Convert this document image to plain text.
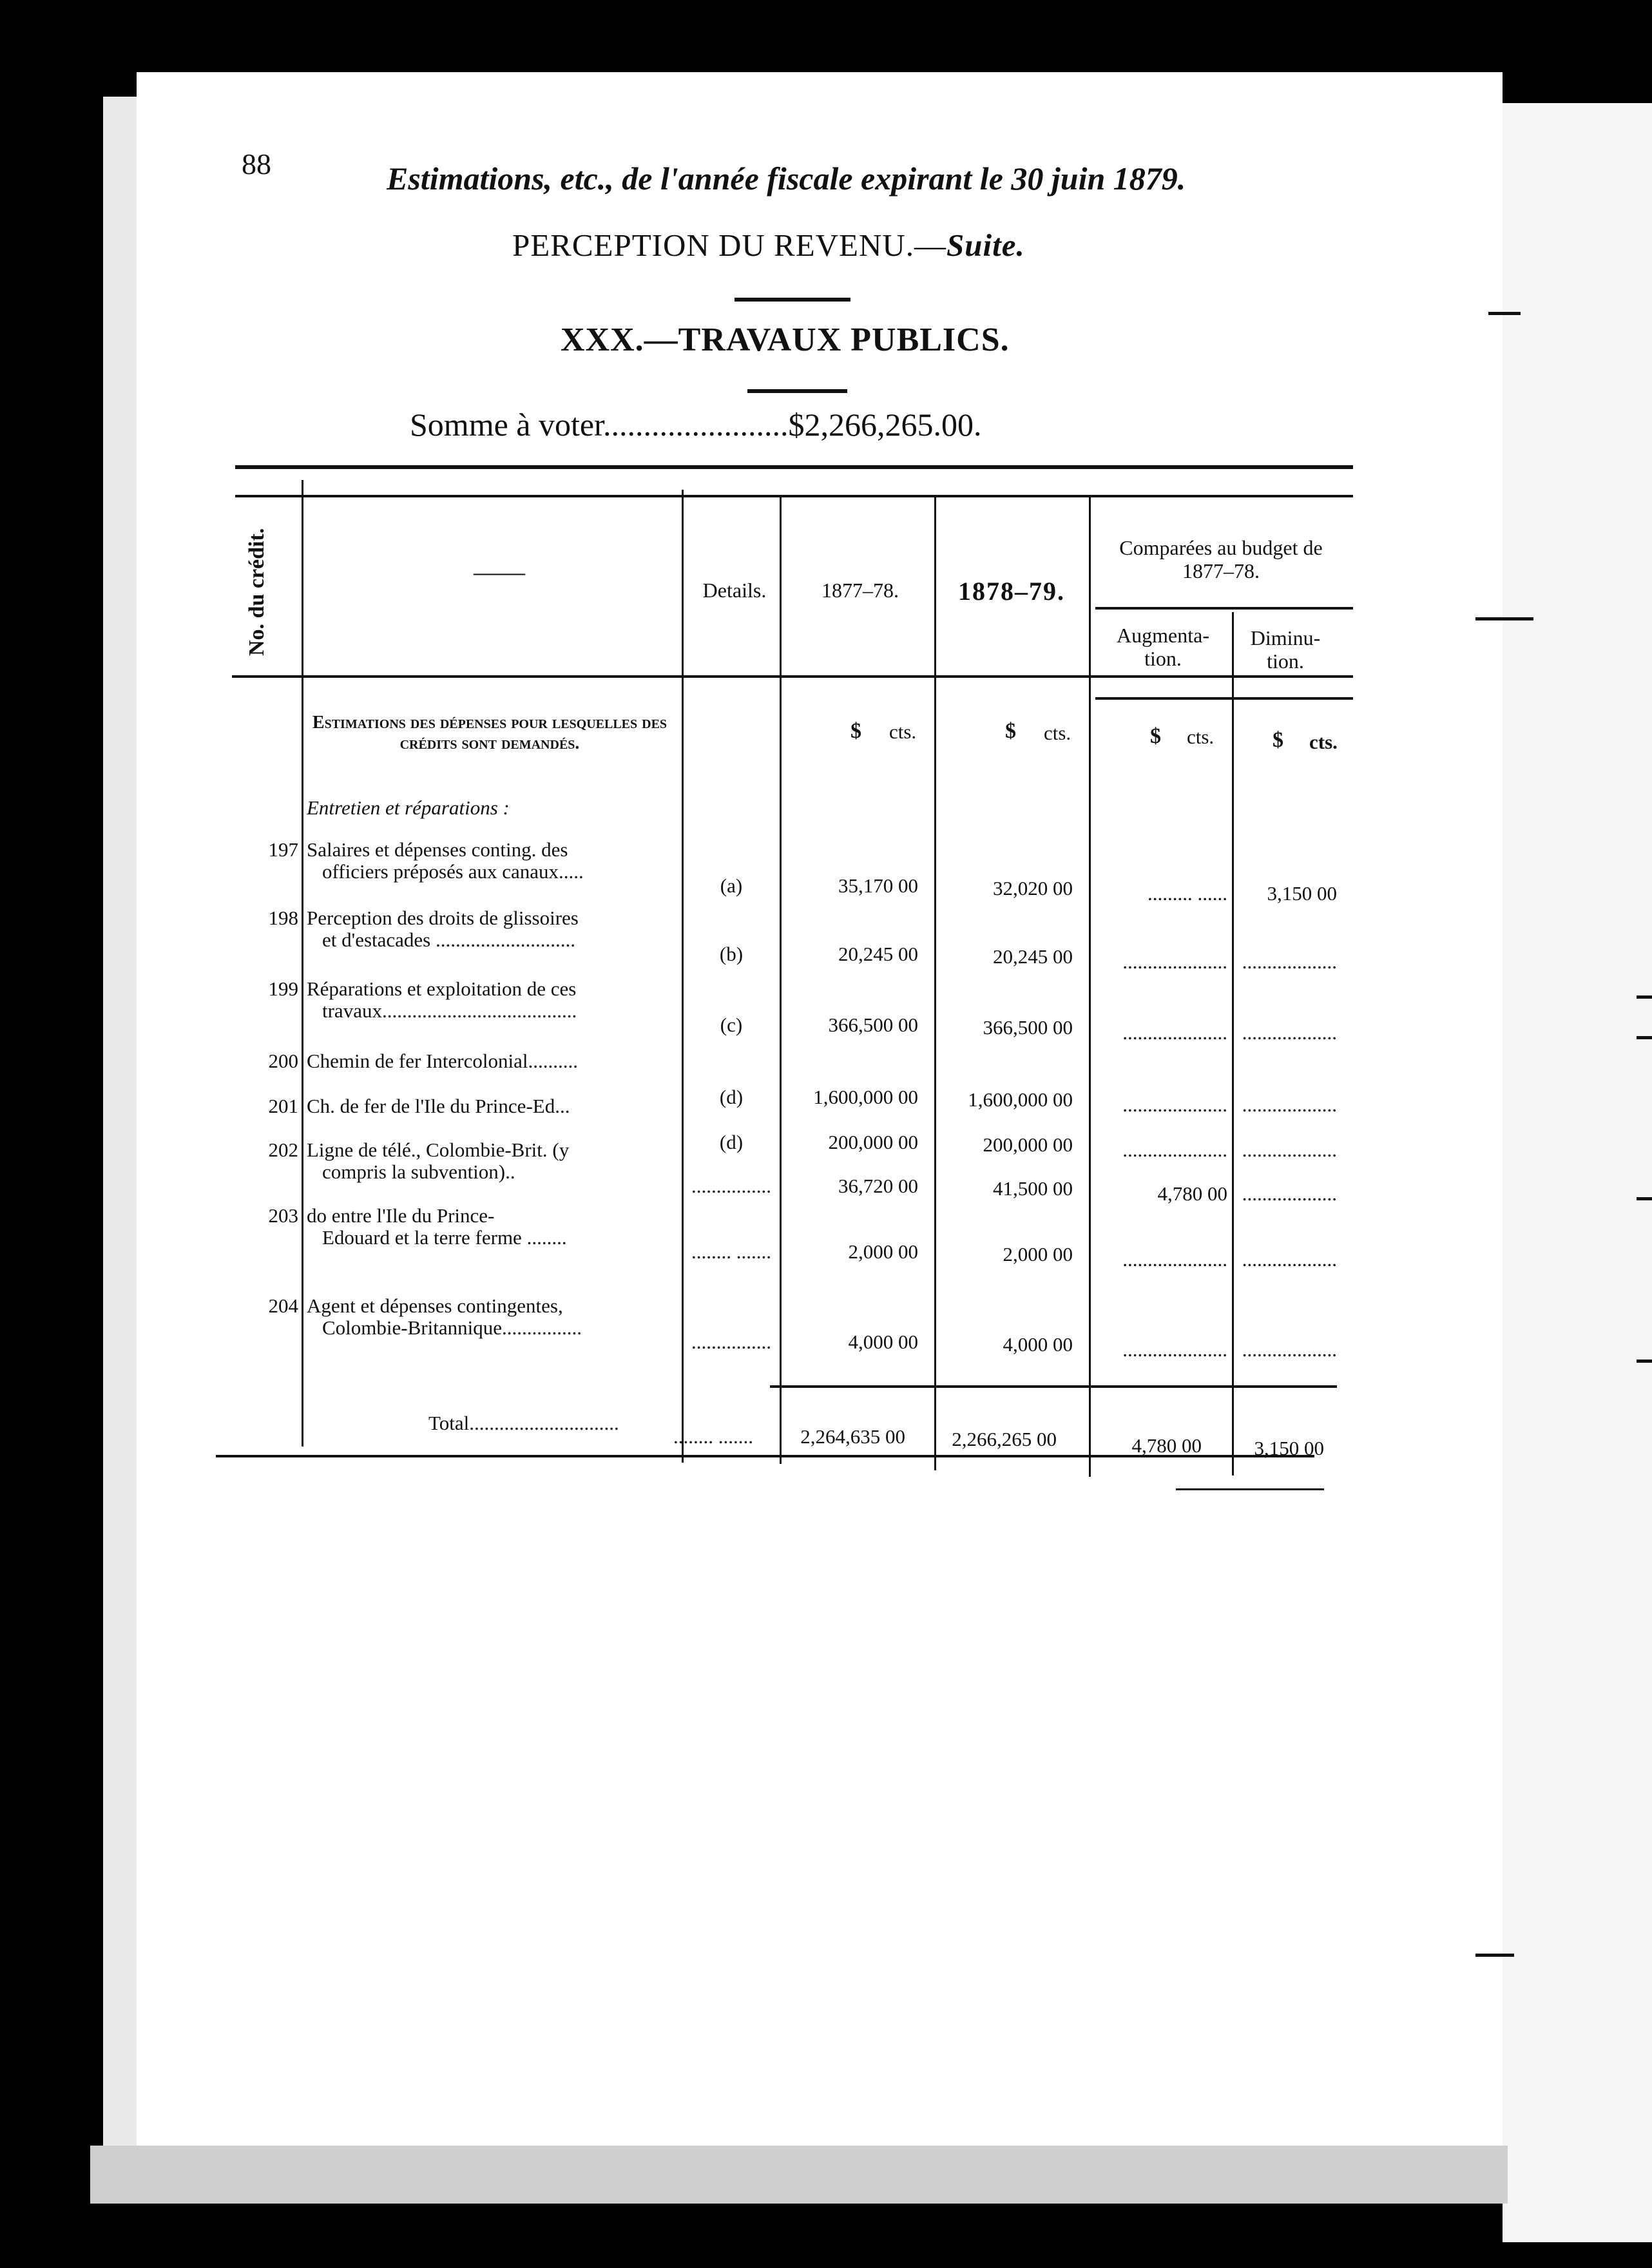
88	Estimations, etc., de l'année fiscale expirant le 30 juin 1879.
PERCEPTION DU REVENU.—Suite.
XXX.—TRAVAUX PUBLICS.
Somme à voter.......................$2,266,265.00.
No. du crédit.	——
Details.	1877–78.	1878–79.
Comparées au budget de 1877–78.
Augmenta- tion.
Diminu- tion.
$ cts.	$ cts.	$ cts.	$ cts.
Estimations des dépenses pour lesquelles des crédits sont demandés.
Entretien et réparations :
197 Salaires et dépenses conting. des
officiers préposés aux canaux.....
(a)	35,170 00	32,020 00	......... ......	3,150 00
198 Perception des droits de glissoires
et d'estacades ............................
(b)	20,245 00	20,245 00	..................... ...................
199 Réparations et exploitation de ces
travaux.......................................
(c)	366,500 00	366,500 00	..................... ...................
200 Chemin de fer Intercolonial..........
(d)	1,600,000 00	1,600,000 00	..................... ...................
201 Ch. de fer de l'Ile du Prince-Ed...
(d)	200,000 00	200,000 00	..................... ...................
202 Ligne de télé., Colombie-Brit. (y
compris la subvention)..
................	36,720 00	41,500 00	4,780 00 ...................
203 do entre l'Ile du Prince-
Edouard et la terre ferme ........
........ .......	2,000 00	2,000 00	..................... ...................
204 Agent et dépenses contingentes,
Colombie-Britannique................
................	4,000 00	4,000 00	..................... ...................
Total..............................
........ .......	2,264,635 00	2,266,265 00	4,780 00	3,150 00
